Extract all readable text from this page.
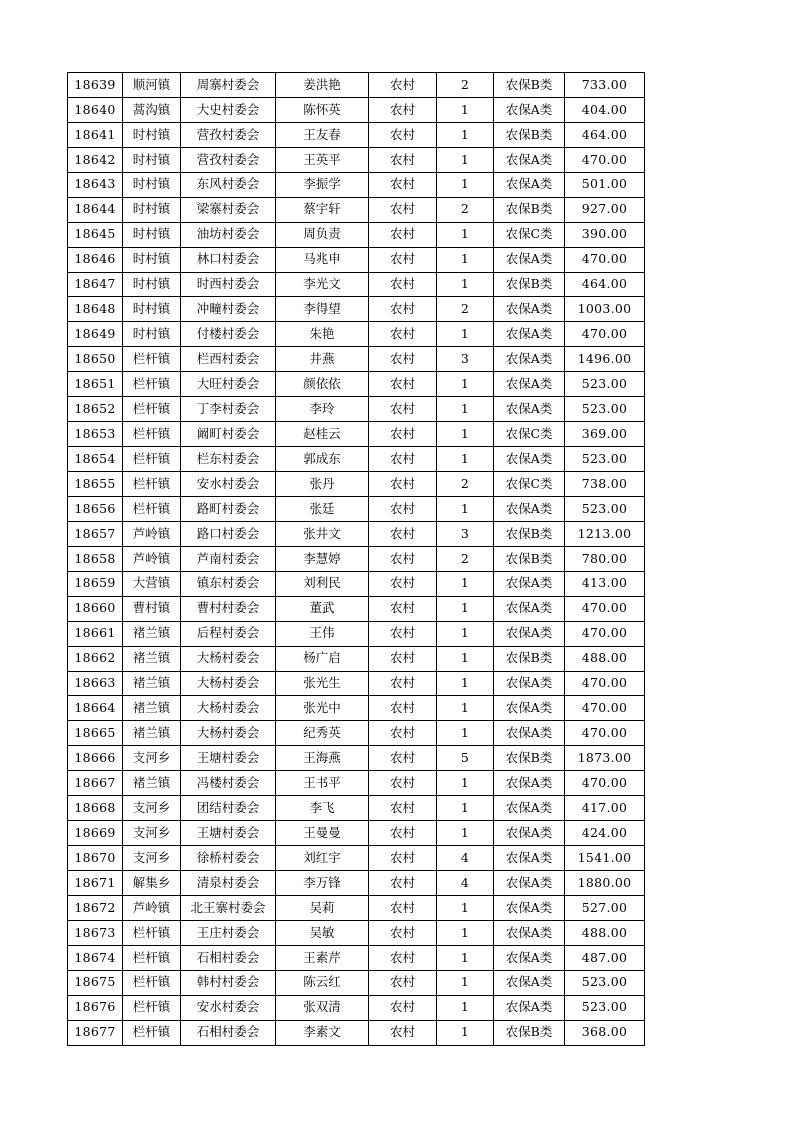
18639	顺河镇	周寨村委会	姜洪艳	农村	2	农保B类	733.00
18640	蒿沟镇	大史村委会	陈怀英	农村	1	农保A类	404.00
18641	时村镇	营孜村委会	王友春	农村	1	农保B类	464.00
18642	时村镇	营孜村委会	王英平	农村	1	农保A类	470.00
18643	时村镇	东风村委会	李振学	农村	1	农保A类	501.00
18644	时村镇	梁寨村委会	蔡宇轩	农村	2	农保B类	927.00
18645	时村镇	油坊村委会	周负责	农村	1	农保C类	390.00
18646	时村镇	林口村委会	马兆申	农村	1	农保A类	470.00
18647	时村镇	时西村委会	李光文	农村	1	农保B类	464.00
18648	时村镇	冲疃村委会	李得望	农村	2	农保A类	1003.00
18649	时村镇	付楼村委会	朱艳	农村	1	农保A类	470.00
18650	栏杆镇	栏西村委会	井燕	农村	3	农保A类	1496.00
18651	栏杆镇	大旺村委会	颜依依	农村	1	农保A类	523.00
18652	栏杆镇	丁李村委会	李玲	农村	1	农保A类	523.00
18653	栏杆镇	阚町村委会	赵桂云	农村	1	农保C类	369.00
18654	栏杆镇	栏东村委会	郭成东	农村	1	农保A类	523.00
18655	栏杆镇	安水村委会	张丹	农村	2	农保C类	738.00
18656	栏杆镇	路町村委会	张廷	农村	1	农保A类	523.00
18657	芦岭镇	路口村委会	张井文	农村	3	农保B类	1213.00
18658	芦岭镇	芦南村委会	李慧婷	农村	2	农保B类	780.00
18659	大营镇	镇东村委会	刘利民	农村	1	农保A类	413.00
18660	曹村镇	曹村村委会	董武	农村	1	农保A类	470.00
18661	褚兰镇	后程村委会	王伟	农村	1	农保A类	470.00
18662	褚兰镇	大杨村委会	杨广启	农村	1	农保B类	488.00
18663	褚兰镇	大杨村委会	张光生	农村	1	农保A类	470.00
18664	褚兰镇	大杨村委会	张光中	农村	1	农保A类	470.00
18665	褚兰镇	大杨村委会	纪秀英	农村	1	农保A类	470.00
18666	支河乡	王塘村委会	王海燕	农村	5	农保B类	1873.00
18667	褚兰镇	冯楼村委会	王书平	农村	1	农保A类	470.00
18668	支河乡	团结村委会	李飞	农村	1	农保A类	417.00
18669	支河乡	王塘村委会	王曼曼	农村	1	农保A类	424.00
18670	支河乡	徐桥村委会	刘红宇	农村	4	农保A类	1541.00
18671	解集乡	清泉村委会	李万锋	农村	4	农保A类	1880.00
18672	芦岭镇	北王寨村委会	吴莉	农村	1	农保A类	527.00
18673	栏杆镇	王庄村委会	吴敏	农村	1	农保A类	488.00
18674	栏杆镇	石相村委会	王素芹	农村	1	农保A类	487.00
18675	栏杆镇	韩村村委会	陈云红	农村	1	农保A类	523.00
18676	栏杆镇	安水村委会	张双清	农村	1	农保A类	523.00
18677	栏杆镇	石相村委会	李素文	农村	1	农保B类	368.00
